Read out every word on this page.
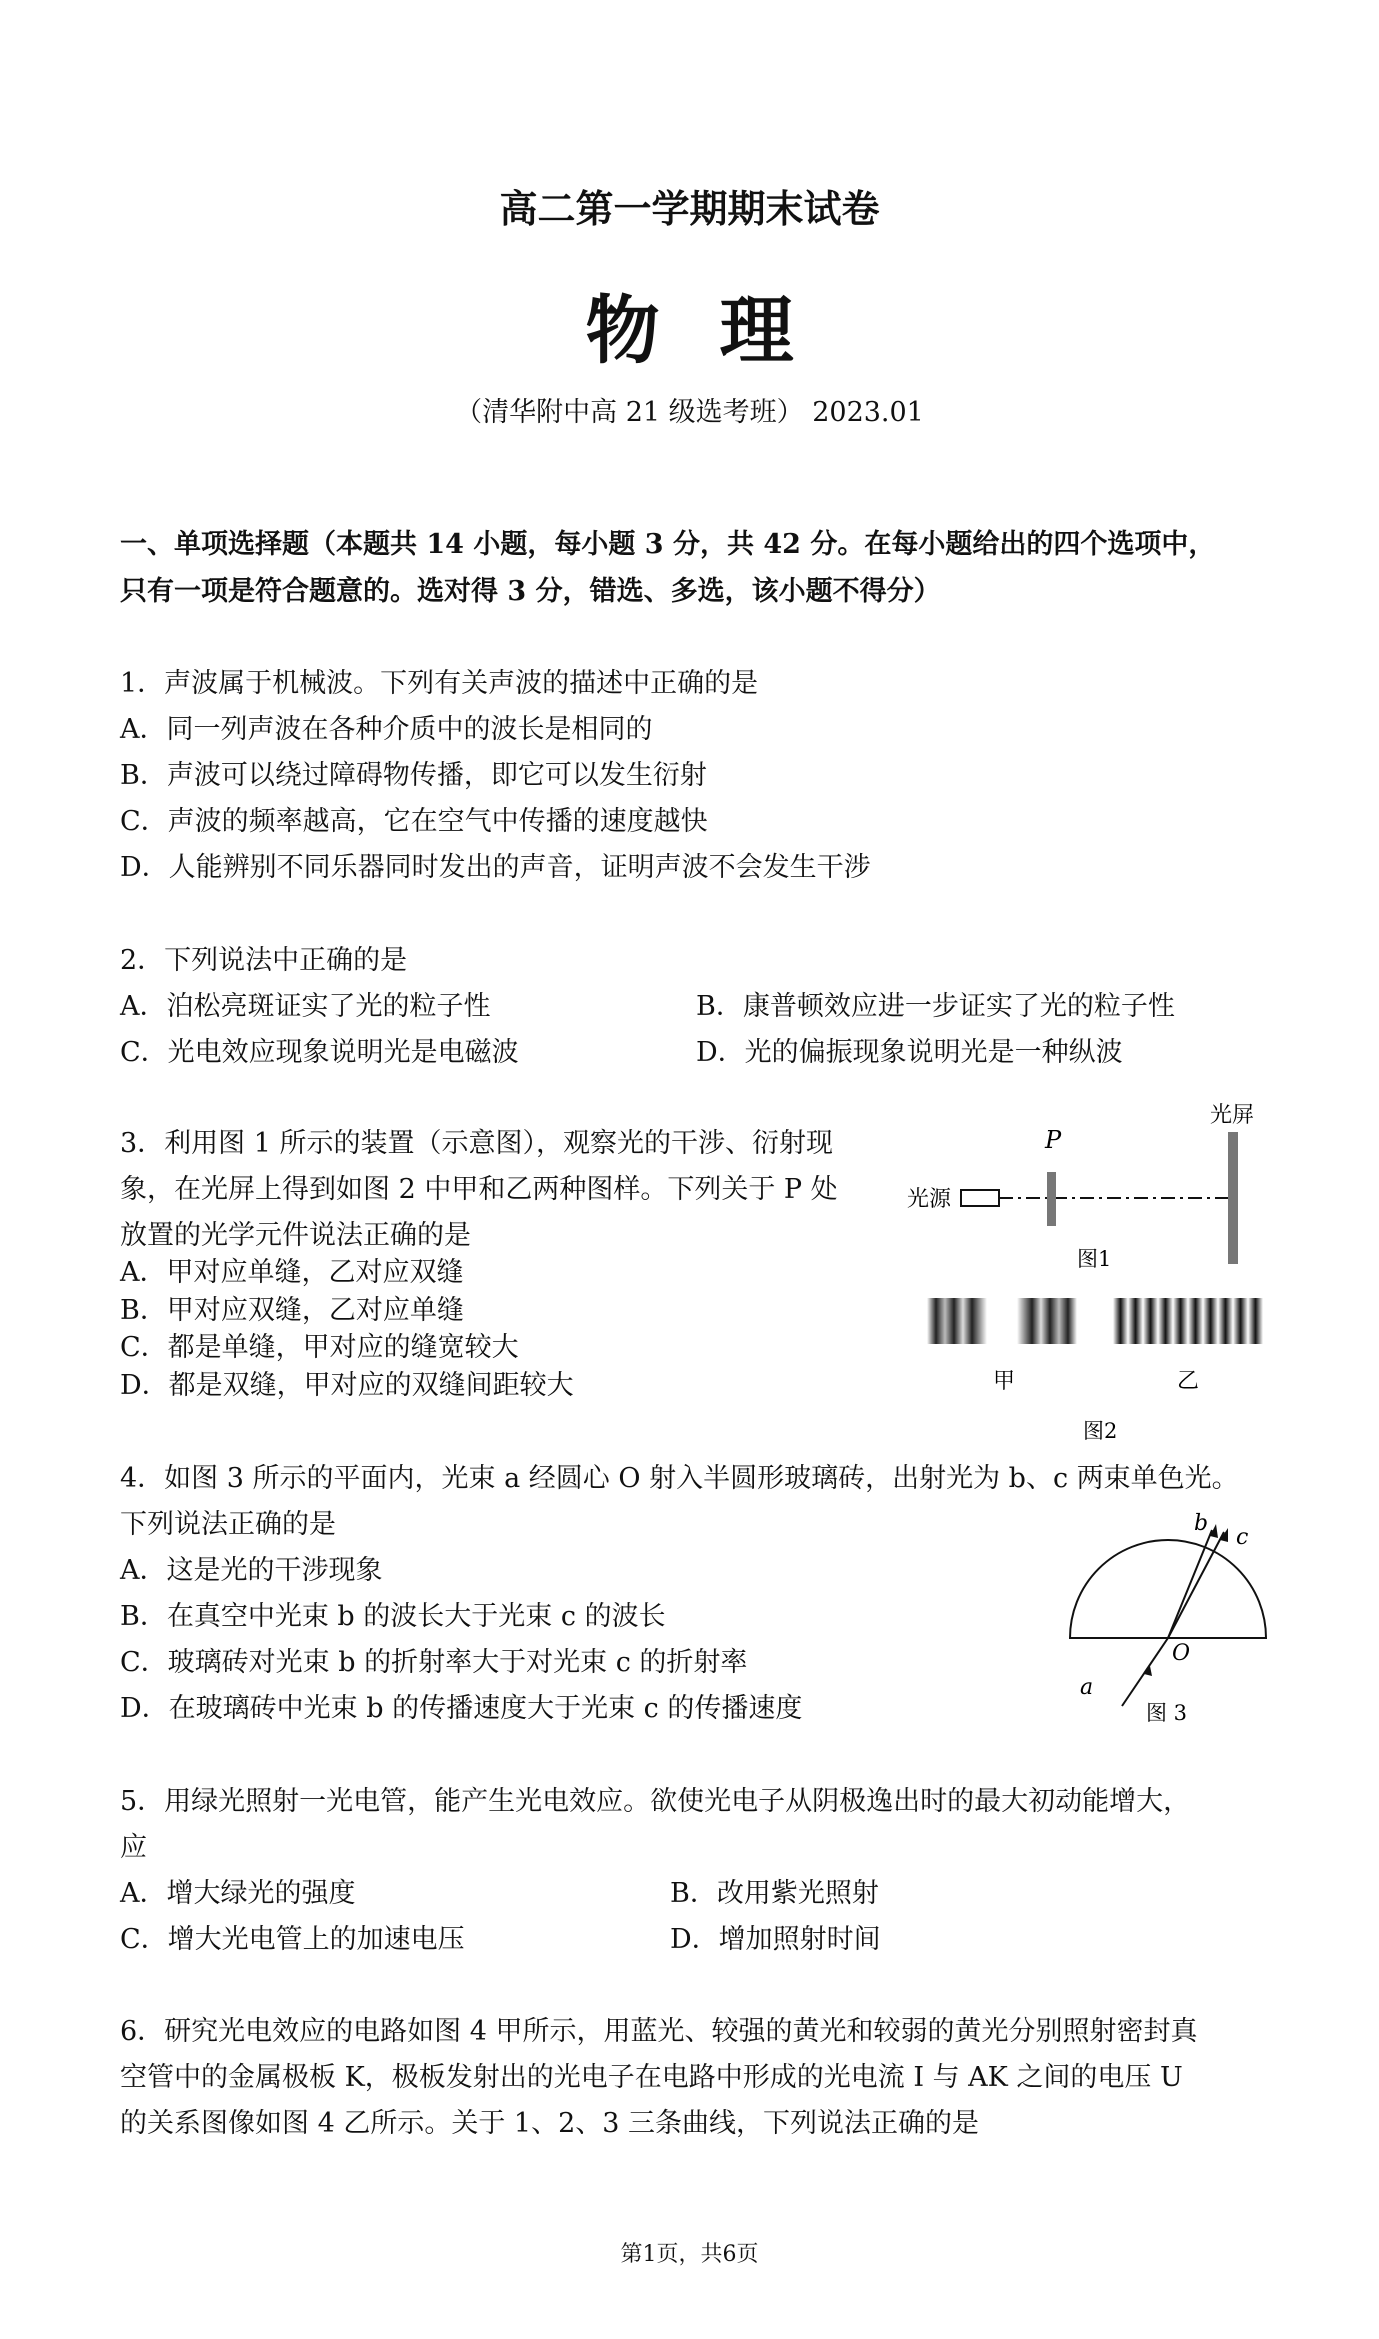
高二第一学期期末试卷
物理
（清华附中高 21 级选考班） 2023.01
一、单项选择题（本题共 14 小题，每小题 3 分，共 42 分。在每小题给出的四个选项中，
只有一项是符合题意的。选对得 3 分，错选、多选，该小题不得分）
1．声波属于机械波。下列有关声波的描述中正确的是
A．同一列声波在各种介质中的波长是相同的
B．声波可以绕过障碍物传播，即它可以发生衍射
C．声波的频率越高，它在空气中传播的速度越快
D．人能辨别不同乐器同时发出的声音，证明声波不会发生干涉
2．下列说法中正确的是
A．泊松亮斑证实了光的粒子性	B．康普顿效应进一步证实了光的粒子性
C．光电效应现象说明光是电磁波	D．光的偏振现象说明光是一种纵波
3．利用图 1 所示的装置（示意图），观察光的干涉、衍射现
象，在光屏上得到如图 2 中甲和乙两种图样。下列关于 P 处
放置的光学元件说法正确的是
A．甲对应单缝，乙对应双缝
B．甲对应双缝，乙对应单缝
C．都是单缝，甲对应的缝宽较大
D．都是双缝，甲对应的双缝间距较大
光屏
P
光源
图1
甲	乙
图2
4．如图 3 所示的平面内，光束 a 经圆心 O 射入半圆形玻璃砖，出射光为 b、c 两束单色光。
下列说法正确的是
A．这是光的干涉现象
B．在真空中光束 b 的波长大于光束 c 的波长
C．玻璃砖对光束 b 的折射率大于对光束 c 的折射率
D．在玻璃砖中光束 b 的传播速度大于光束 c 的传播速度
b
c
O
a
图 3
5．用绿光照射一光电管，能产生光电效应。欲使光电子从阴极逸出时的最大初动能增大，
应
A．增大绿光的强度	B．改用紫光照射
C．增大光电管上的加速电压	D．增加照射时间
6．研究光电效应的电路如图 4 甲所示，用蓝光、较强的黄光和较弱的黄光分别照射密封真
空管中的金属极板 K，极板发射出的光电子在电路中形成的光电流 I 与 AK 之间的电压 U
的关系图像如图 4 乙所示。关于 1、2、3 三条曲线，下列说法正确的是
第1页，共6页
